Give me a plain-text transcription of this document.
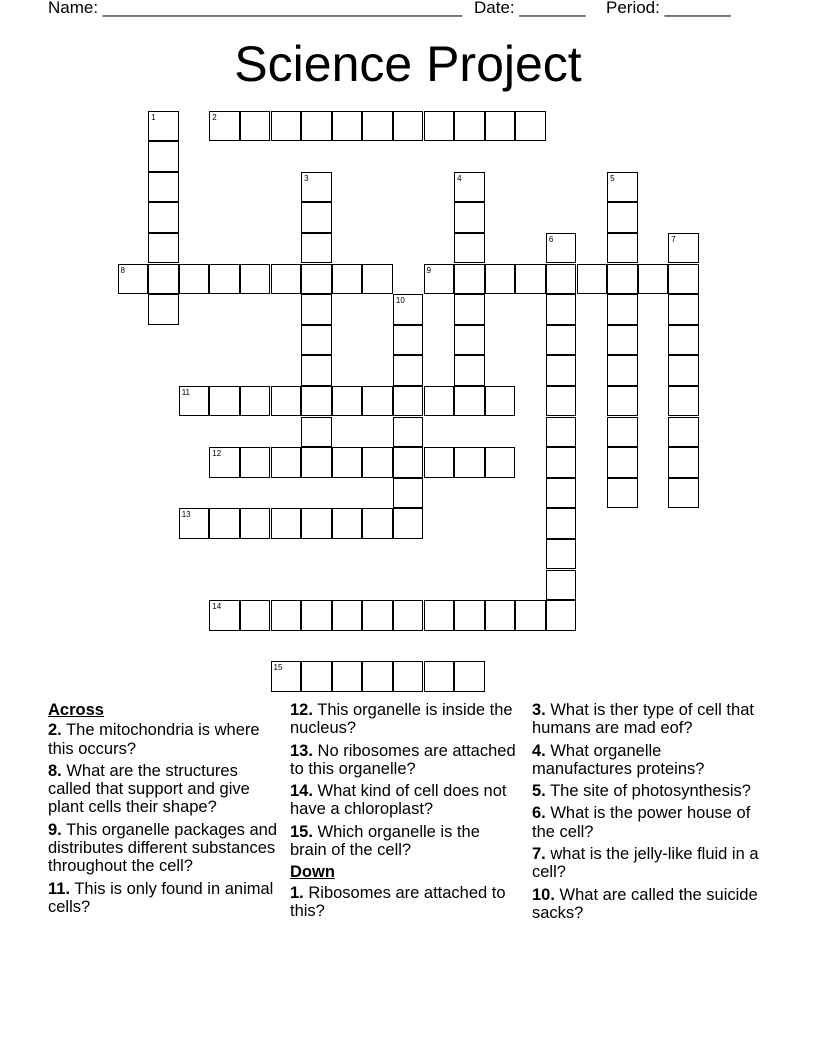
Name: ______________________________________ Date: _______ Period: _______
Science Project
1	2
3	4	5
6	7
8	9
10
11
12
13
14
15
Across
2. The mitochondria is where this occurs?
8. What are the structures called that support and give plant cells their shape?
9. This organelle packages and distributes different substances throughout the cell?
11. This is only found in animal cells?
12. This organelle is inside the nucleus?
13. No ribosomes are attached to this organelle?
14. What kind of cell does not have a chloroplast?
15. Which organelle is the brain of the cell?
Down
1. Ribosomes are attached to this?
3. What is ther type of cell that humans are mad eof?
4. What organelle manufactures proteins?
5. The site of photosynthesis?
6. What is the power house of the cell?
7. what is the jelly-like fluid in a cell?
10. What are called the suicide sacks?
